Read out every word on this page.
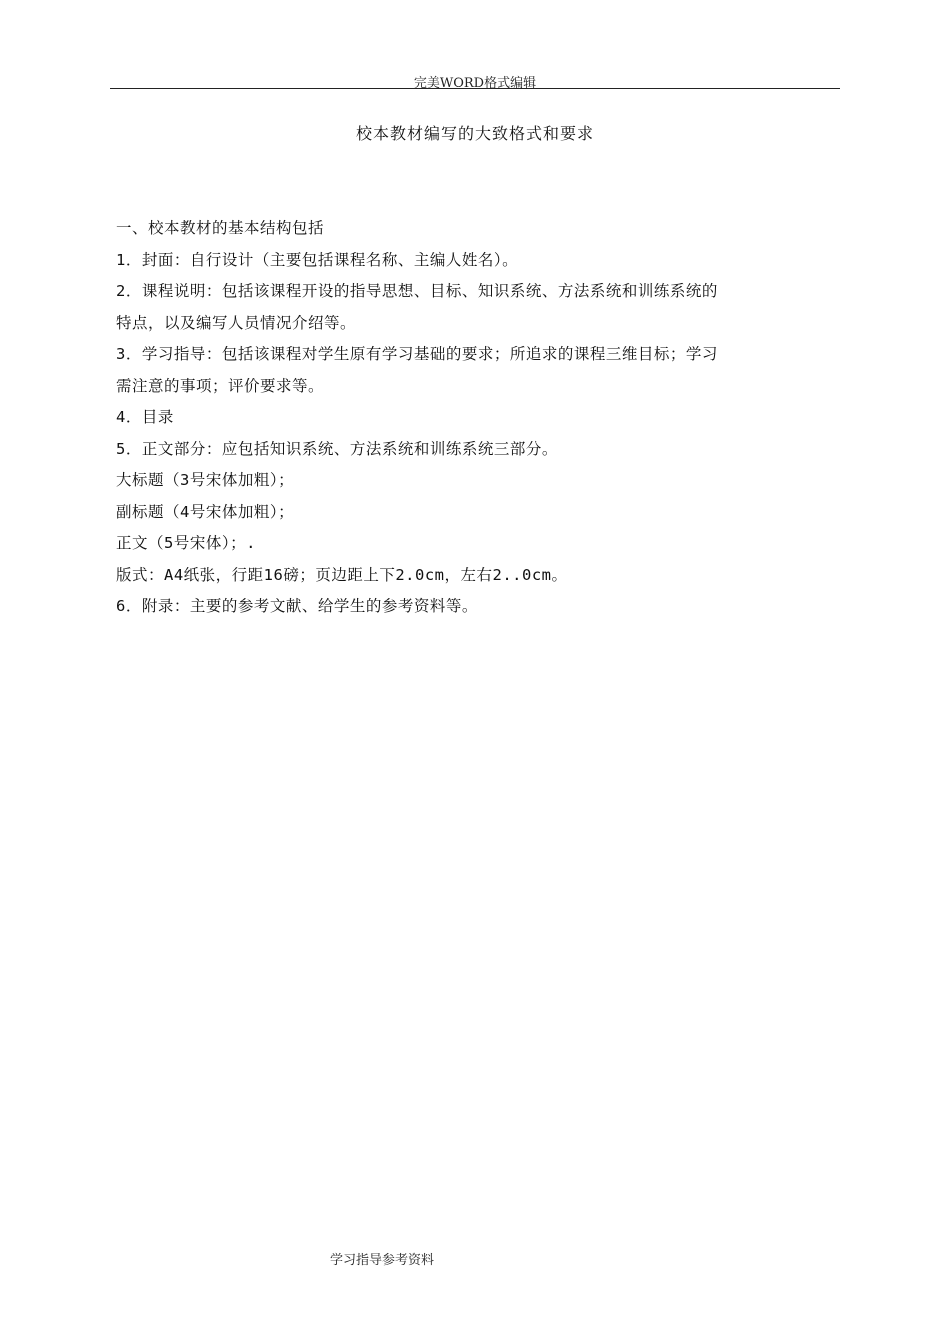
完美WORD格式编辑
校本教材编写的大致格式和要求
一、校本教材的基本结构包括
1．封面：自行设计（主要包括课程名称、主编人姓名）。
2．课程说明：包括该课程开设的指导思想、目标、知识系统、方法系统和训练系统的
特点，以及编写人员情况介绍等。
3．学习指导：包括该课程对学生原有学习基础的要求；所追求的课程三维目标；学习
需注意的事项；评价要求等。
4．目录
5．正文部分：应包括知识系统、方法系统和训练系统三部分。
大标题（3号宋体加粗）；
副标题（4号宋体加粗）；
正文（5号宋体）；.
版式：A4纸张，行距16磅；页边距上下2.0cm，左右2..0cm。
6．附录：主要的参考文献、给学生的参考资料等。
学习指导参考资料
